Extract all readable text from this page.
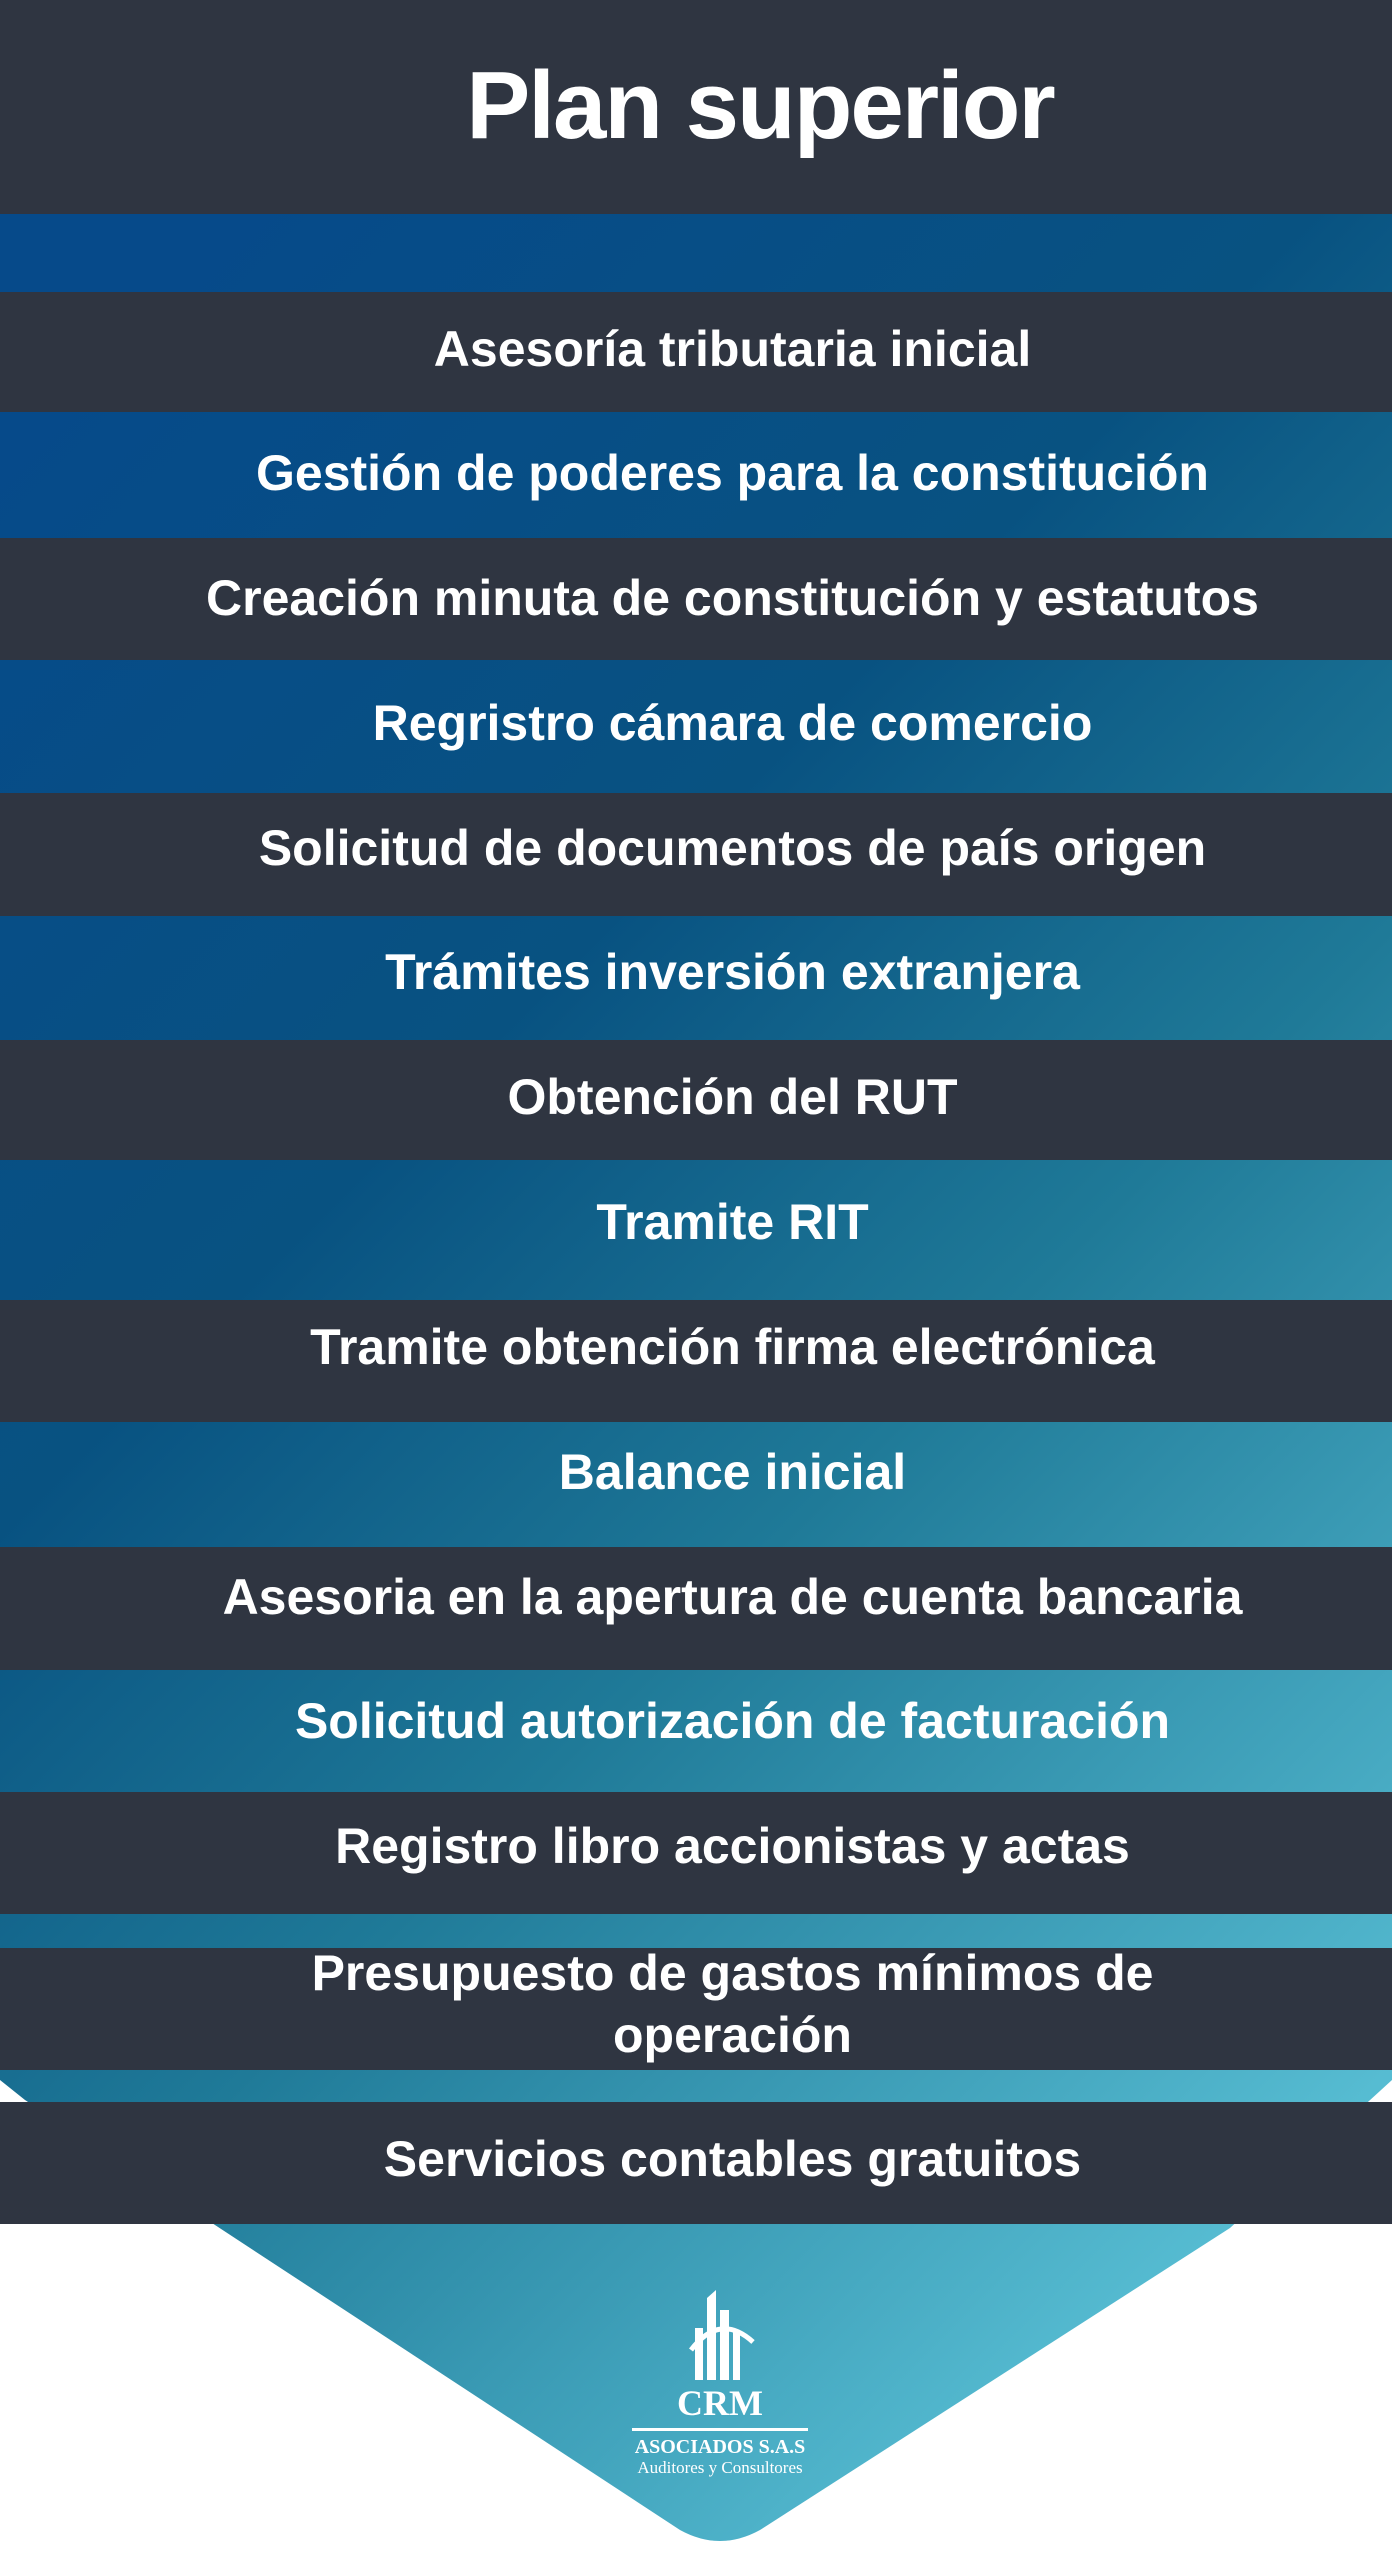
Plan superior
Asesoría tributaria inicial
Gestión de poderes para la constitución
Creación minuta de constitución y estatutos
Regristro cámara de comercio
Solicitud de documentos de país origen
Trámites inversión extranjera
Obtención del RUT
Tramite RIT
Tramite obtención firma electrónica
Balance inicial
Asesoria en la apertura de cuenta bancaria
Solicitud autorización de facturación
Registro libro accionistas y actas
Presupuesto de gastos mínimos de
operación
Servicios contables gratuitos
CRM
ASOCIADOS S.A.S
Auditores y Consultores
